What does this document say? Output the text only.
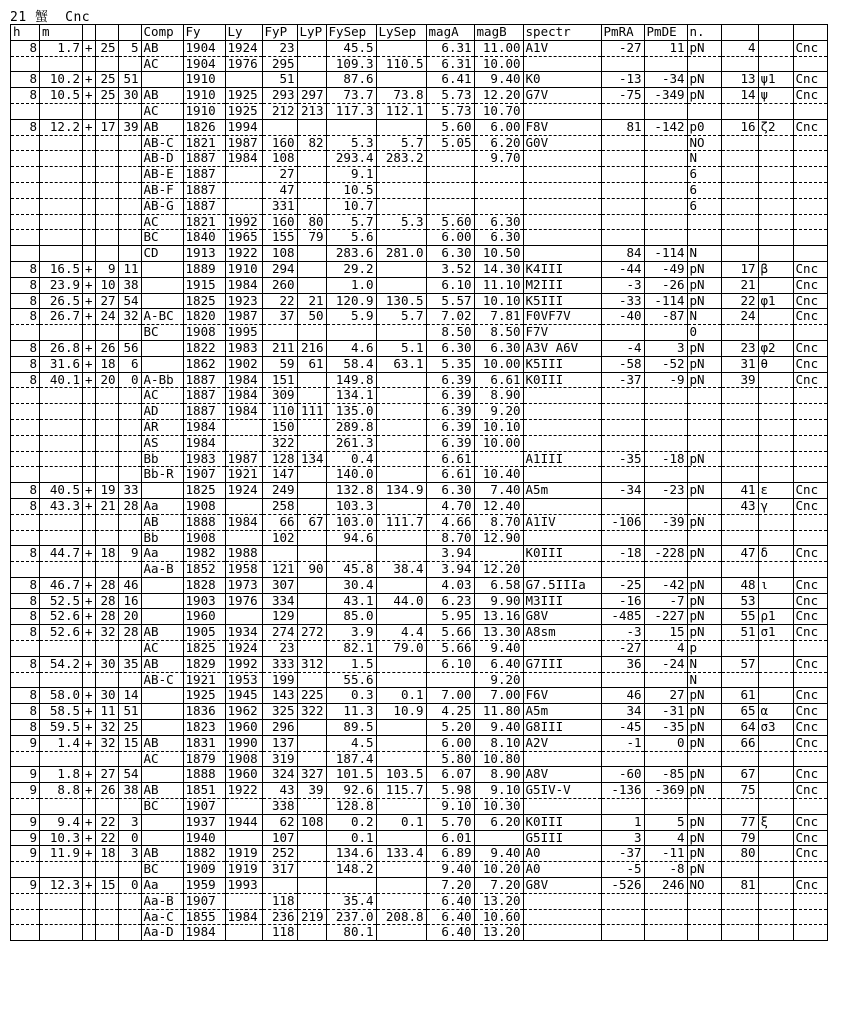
21 蟹  Cnc
h	m				Comp	Fy	Ly	FyP	LyP	FySep	LySep	magA	magB	spectr	PmRA	PmDE	n.			
8	1.7	+	25	5	AB	1904	1924	23		45.5		6.31	11.00	A1V	-27	11	pN	4		Cnc
					AC	1904	1976	295		109.3	110.5	6.31	10.00							
8	10.2	+	25	51		1910		51		87.6		6.41	9.40	K0	-13	-34	pN	13	ψ1	Cnc
8	10.5	+	25	30	AB	1910	1925	293	297	73.7	73.8	5.73	12.20	G7V	-75	-349	pN	14	ψ	Cnc
					AC	1910	1925	212	213	117.3	112.1	5.73	10.70							
8	12.2	+	17	39	AB	1826	1994					5.60	6.00	F8V	81	-142	p0	16	ζ2	Cnc
					AB-C	1821	1987	160	82	5.3	5.7	5.05	6.20	G0V			NO			
					AB-D	1887	1984	108		293.4	283.2		9.70				N			
					AB-E	1887		27		9.1							6			
					AB-F	1887		47		10.5							6			
					AB-G	1887		331		10.7							6			
					AC	1821	1992	160	80	5.7	5.3	5.60	6.30							
					BC	1840	1965	155	79	5.6		6.00	6.30							
					CD	1913	1922	108		283.6	281.0	6.30	10.50		84	-114	N			
8	16.5	+	9	11		1889	1910	294		29.2		3.52	14.30	K4III	-44	-49	pN	17	β	Cnc
8	23.9	+	10	38		1915	1984	260		1.0		6.10	11.10	M2III	-3	-26	pN	21		Cnc
8	26.5	+	27	54		1825	1923	22	21	120.9	130.5	5.57	10.10	K5III	-33	-114	pN	22	φ1	Cnc
8	26.7	+	24	32	A-BC	1820	1987	37	50	5.9	5.7	7.02	7.81	F0VF7V	-40	-87	N	24		Cnc
					BC	1908	1995					8.50	8.50	F7V			0			
8	26.8	+	26	56		1822	1983	211	216	4.6	5.1	6.30	6.30	A3V A6V	-4	3	pN	23	φ2	Cnc
8	31.6	+	18	6		1862	1902	59	61	58.4	63.1	5.35	10.00	K5III	-58	-52	pN	31	θ	Cnc
8	40.1	+	20	0	A-Bb	1887	1984	151		149.8		6.39	6.61	K0III	-37	-9	pN	39		Cnc
					AC	1887	1984	309		134.1		6.39	8.90							
					AD	1887	1984	110	111	135.0		6.39	9.20							
					AR	1984		150		289.8		6.39	10.10							
					AS	1984		322		261.3		6.39	10.00							
					Bb	1983	1987	128	134	0.4		6.61		A1III	-35	-18	pN			
					Bb-R	1907	1921	147		140.0		6.61	10.40							
8	40.5	+	19	33		1825	1924	249		132.8	134.9	6.30	7.40	A5m	-34	-23	pN	41	ε	Cnc
8	43.3	+	21	28	Aa	1908		258		103.3		4.70	12.40					43	γ	Cnc
					AB	1888	1984	66	67	103.0	111.7	4.66	8.70	A1IV	-106	-39	pN			
					Bb	1908		102		94.6		8.70	12.90							
8	44.7	+	18	9	Aa	1982	1988					3.94		K0III	-18	-228	pN	47	δ	Cnc
					Aa-B	1852	1958	121	90	45.8	38.4	3.94	12.20							
8	46.7	+	28	46		1828	1973	307		30.4		4.03	6.58	G7.5IIIa	-25	-42	pN	48	ι	Cnc
8	52.5	+	28	16		1903	1976	334		43.1	44.0	6.23	9.90	M3III	-16	-7	pN	53		Cnc
8	52.6	+	28	20		1960		129		85.0		5.95	13.16	G8V	-485	-227	pN	55	ρ1	Cnc
8	52.6	+	32	28	AB	1905	1934	274	272	3.9	4.4	5.66	13.30	A8sm	-3	15	pN	51	σ1	Cnc
					AC	1825	1924	23		82.1	79.0	5.66	9.40		-27	4	p			
8	54.2	+	30	35	AB	1829	1992	333	312	1.5		6.10	6.40	G7III	36	-24	N	57		Cnc
					AB-C	1921	1953	199		55.6			9.20				N			
8	58.0	+	30	14		1925	1945	143	225	0.3	0.1	7.00	7.00	F6V	46	27	pN	61		Cnc
8	58.5	+	11	51		1836	1962	325	322	11.3	10.9	4.25	11.80	A5m	34	-31	pN	65	α	Cnc
8	59.5	+	32	25		1823	1960	296		89.5		5.20	9.40	G8III	-45	-35	pN	64	σ3	Cnc
9	1.4	+	32	15	AB	1831	1990	137		4.5		6.00	8.10	A2V	-1	0	pN	66		Cnc
					AC	1879	1908	319		187.4		5.80	10.80							
9	1.8	+	27	54		1888	1960	324	327	101.5	103.5	6.07	8.90	A8V	-60	-85	pN	67		Cnc
9	8.8	+	26	38	AB	1851	1922	43	39	92.6	115.7	5.98	9.10	G5IV-V	-136	-369	pN	75		Cnc
					BC	1907		338		128.8		9.10	10.30							
9	9.4	+	22	3		1937	1944	62	108	0.2	0.1	5.70	6.20	K0III	1	5	pN	77	ξ	Cnc
9	10.3	+	22	0		1940		107		0.1		6.01		G5III	3	4	pN	79		Cnc
9	11.9	+	18	3	AB	1882	1919	252		134.6	133.4	6.89	9.40	A0	-37	-11	pN	80		Cnc
					BC	1909	1919	317		148.2		9.40	10.20	A0	-5	-8	pN			
9	12.3	+	15	0	Aa	1959	1993					7.20	7.20	G8V	-526	246	NO	81		Cnc
					Aa-B	1907		118		35.4		6.40	13.20							
					Aa-C	1855	1984	236	219	237.0	208.8	6.40	10.60							
					Aa-D	1984		118		80.1		6.40	13.20							
